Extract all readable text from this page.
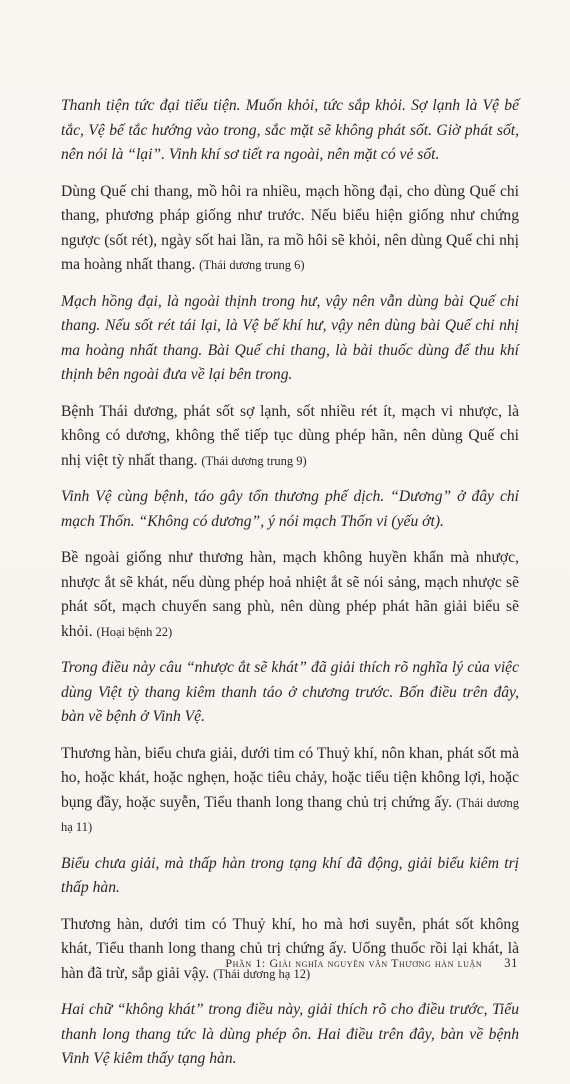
Thanh tiện tức đại tiểu tiện. Muốn khỏi, tức sắp khỏi. Sợ lạnh là Vệ bế tắc, Vệ bế tắc hướng vào trong, sắc mặt sẽ không phát sốt. Giờ phát sốt, nên nói là “lại”. Vinh khí sơ tiết ra ngoài, nên mặt có vẻ sốt.

Dùng Quế chi thang, mồ hôi ra nhiều, mạch hồng đại, cho dùng Quế chi thang, phương pháp giống như trước. Nếu biểu hiện giống như chứng ngược (sốt rét), ngày sốt hai lần, ra mồ hôi sẽ khỏi, nên dùng Quế chi nhị ma hoàng nhất thang. (Thái dương trung 6)

Mạch hồng đại, là ngoài thịnh trong hư, vậy nên vẫn dùng bài Quế chi thang. Nếu sốt rét tái lại, là Vệ bế khí hư, vậy nên dùng bài Quế chi nhị ma hoàng nhất thang. Bài Quế chi thang, là bài thuốc dùng để thu khí thịnh bên ngoài đưa về lại bên trong.

Bệnh Thái dương, phát sốt sợ lạnh, sốt nhiều rét ít, mạch vi nhược, là không có dương, không thể tiếp tục dùng phép hãn, nên dùng Quế chi nhị việt tỳ nhất thang. (Thái dương trung 9)

Vinh Vệ cùng bệnh, táo gây tổn thương phế dịch. “Dương” ở đây chỉ mạch Thốn. “Không có dương”, ý nói mạch Thốn vi (yếu ớt).

Bề ngoài giống như thương hàn, mạch không huyền khẩn mà nhược, nhược ắt sẽ khát, nếu dùng phép hoả nhiệt ắt sẽ nói sảng, mạch nhược sẽ phát sốt, mạch chuyển sang phù, nên dùng phép phát hãn giải biểu sẽ khỏi. (Hoại bệnh 22)

Trong điều này câu “nhược ắt sẽ khát” đã giải thích rõ nghĩa lý của việc dùng Việt tỳ thang kiêm thanh táo ở chương trước. Bốn điều trên đây, bàn về bệnh ở Vinh Vệ.

Thương hàn, biểu chưa giải, dưới tim có Thuỷ khí, nôn khan, phát sốt mà ho, hoặc khát, hoặc nghẹn, hoặc tiêu chảy, hoặc tiểu tiện không lợi, hoặc bụng đầy, hoặc suyễn, Tiểu thanh long thang chủ trị chứng ấy. (Thái dương hạ 11)

Biểu chưa giải, mà thấp hàn trong tạng khí đã động, giải biểu kiêm trị thấp hàn.

Thương hàn, dưới tim có Thuỷ khí, ho mà hơi suyễn, phát sốt không khát, Tiểu thanh long thang chủ trị chứng ấy. Uống thuốc rồi lại khát, là hàn đã trừ, sắp giải vậy. (Thái dương hạ 12)

Hai chữ “không khát” trong điều này, giải thích rõ cho điều trước, Tiểu thanh long thang tức là dùng phép ôn. Hai điều trên đây, bàn về bệnh Vinh Vệ kiêm thấy tạng hàn.

Phần 1: Giải nghĩa nguyên văn Thương hàn luận 31
